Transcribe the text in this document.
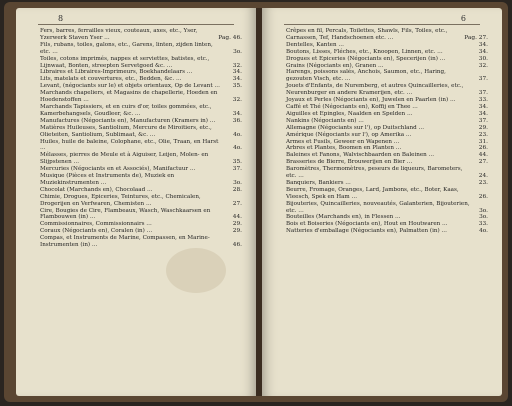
8
Fers, barres, ferrailles vieux, couteaux, axes, etc., Yser, Yzerwerk Staven Yser …	Pag. 46.
Fils, rubans, toiles, galons, etc., Garens, linten, zijden linten, etc. …	3o.
Toiles, cotons imprimés, nappes et serviettes, batistes, etc., Lijnwaat, Bonten, streepten Servetgoed &c. …	32.
Libraires et Libraires-Imprimeurs, Boekhandelaars …	34.
Lits, matelats et couvertures, etc., Bedden, &c. …	34.
Levant, (négociants sur le) et objets orientaux, Op de Levant …	35.
Marchands chapeliers, et Magasins de chapellerie, Hoeden en Hoedenstoffen …	32.
Marchands Tapissiers, et en cuirs d'or, toiles gommées, etc., Kamerbehangsels, Goudleer, &c. …	34.
Manufactures (Négociants en), Manufacturen (Kramers in) …	36.
Matières Huileuses, Santiolium, Mercure de Miroitiers, etc., Olieteiten, Santiolium, Sublimaat, &c. …	4o.
Huiles, huile de baleine, Colophane, etc., Olie, Traan, en Harst …	4o.
Mélasses, pierres de Meule et à Aiguiser, Leijen, Molen- en Slijpstenen …	35.
Mercuries (Négociants en et Associés), Manifactuur …	37.
Musique (Pièces et Instruments de), Muziek en Muziekinstrumenten …	3o.
Chocolat (Marchands en), Chocolaad …	28.
Chimie, Drogues, Epiceries, Teintures, etc., Chemicalen, Drogerijen en Verfwaren, Chemisten …	27.
Cire, Bougies de Cire, Flambeaux, Wasch, Waschkaarsen en Flambouwen (in) …	44.
Commissionnaires, Commissionnairs …	29.
Coraux (Négociants en), Coralen (in) …	29.
Compas, et Instruments de Marine, Compassen, en Marine-Instrumenten (in) …	46.
6
Crêpes en fil, Percals, Toilettes, Shawls, Fils, Toiles, etc., Carnassen, Tef, Handschoenen etc. …	Pag. 27.
Dentelles, Kanten …	34.
Boutons, Lisses, Fléches, etc., Knoopen, Linnen, etc. …	34.
Drogues et Epiceries (Négociants en), Specerijen (in) …	30.
Grains (Négociants en), Granen …	32.
Harengs, poissons salés, Anchois, Saumon, etc., Haring, gezouten Visch, etc. …	37.
Jouets d'Enfants, de Nuremberg, et autres Quincailleries, etc., Neurenburger en andere Kramerijen, etc. …	37.
Joyaux et Perles (Négociants en), Juwelen en Paarlen (in) …	33.
Caffé et Thé (Négociants en), Koffij en Thee …	34.
Aiguilles et Epingles, Naalden en Spelden …	34.
Nankins (Négociants en) …	37.
Allemagne (Négociants sur l'), op Duitschland …	29.
Amérique (Négociants sur l'), op Amerika …	23.
Armes et Fusils, Geweer en Wapenen …	31.
Arbres et Plantes, Boomen en Planten …	26.
Baleines et Fanons, Walvischbaarden en Baleinen …	44.
Brasseries de Bierre, Brouwerijen en Bier …	27.
Baromètres, Thermomètres, peseurs de liqueurs, Barometers, etc. …	24.
Banquiers, Bankiers …	23.
Beurre, Fromage, Oranges, Lard, Jambons, etc., Boter, Kaas, Vleesch, Spek en Ham …	26.
Bijouteries, Quincailleries, nouveautés, Galanterien, Bijouterien, etc. …	3o.
Bouteilles (Marchands en), in Flessen …	3o.
Bois et Boiseries (Négociants en), Hout en Houtwaren …	33.
Natteries d'emballage (Négociants en), Palmatten (in) …	4o.
